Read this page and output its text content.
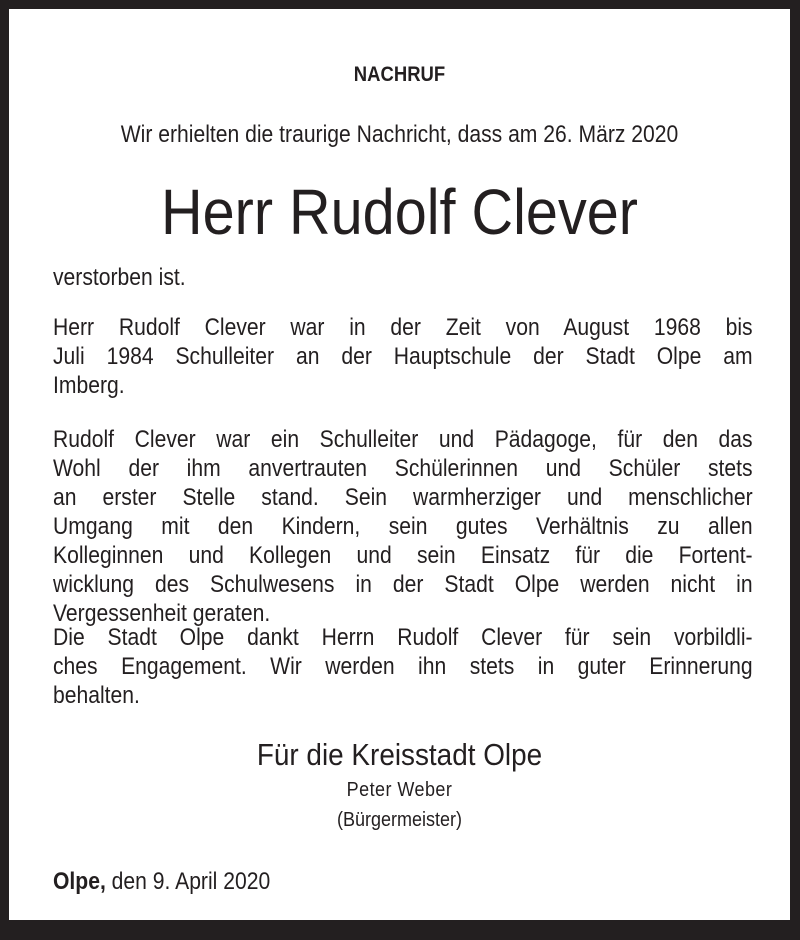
NACHRUF
Wir erhielten die traurige Nachricht, dass am 26. März 2020
Herr Rudolf Clever
verstorben ist.
Herr Rudolf Clever war in der Zeit von August 1968 bis
Juli 1984 Schulleiter an der Hauptschule der Stadt Olpe am
Imberg.
Rudolf Clever war ein Schulleiter und Pädagoge, für den das
Wohl der ihm anvertrauten Schülerinnen und Schüler stets
an erster Stelle stand. Sein warmherziger und menschlicher
Umgang mit den Kindern, sein gutes Verhältnis zu allen
Kolleginnen und Kollegen und sein Einsatz für die Fortent-
wicklung des Schulwesens in der Stadt Olpe werden nicht in
Vergessenheit geraten.
Die Stadt Olpe dankt Herrn Rudolf Clever für sein vorbildli-
ches Engagement. Wir werden ihn stets in guter Erinnerung
behalten.
Für die Kreisstadt Olpe
Peter Weber
(Bürgermeister)
Olpe, den 9. April 2020
